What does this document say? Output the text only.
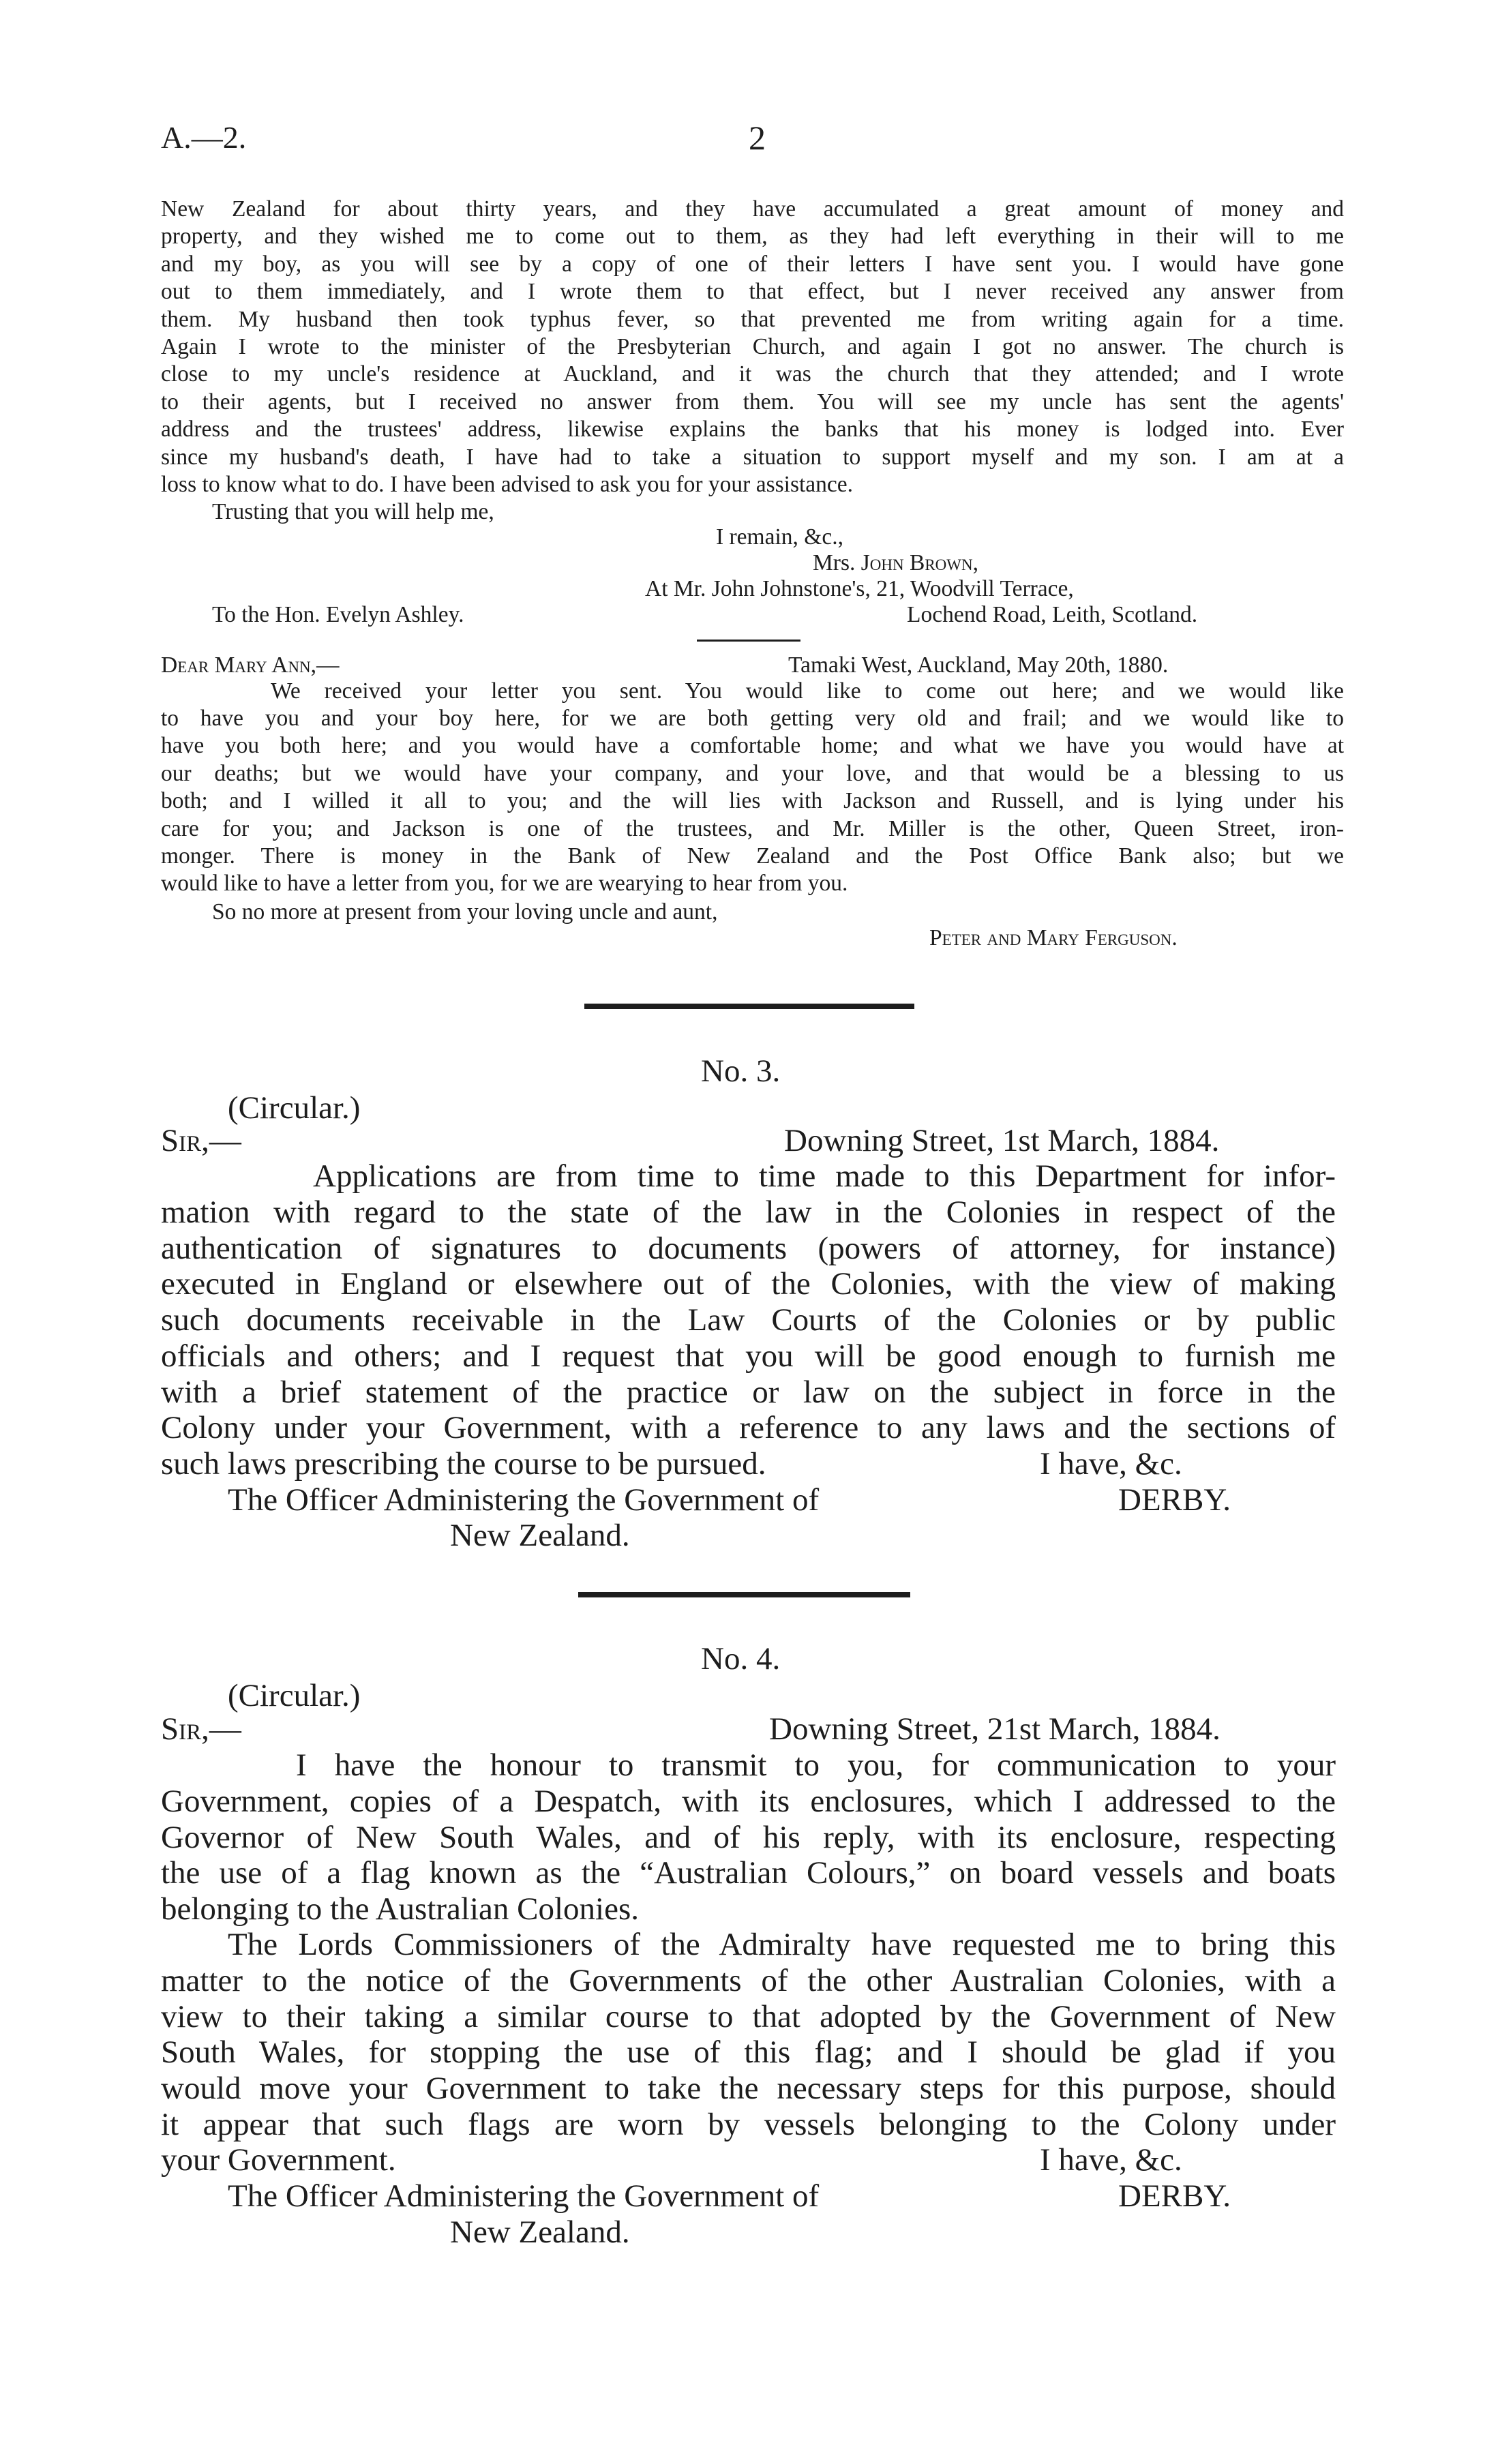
A.—2.	2
New Zealand for about thirty years, and they have accumulated a great amount of money and
property, and they wished me to come out to them, as they had left everything in their will to me
and my boy, as you will see by a copy of one of their letters I have sent you. I would have gone
out to them immediately, and I wrote them to that effect, but I never received any answer from
them. My husband then took typhus fever, so that prevented me from writing again for a time.
Again I wrote to the minister of the Presbyterian Church, and again I got no answer. The church is
close to my uncle's residence at Auckland, and it was the church that they attended; and I wrote
to their agents, but I received no answer from them. You will see my uncle has sent the agents'
address and the trustees' address, likewise explains the banks that his money is lodged into. Ever
since my husband's death, I have had to take a situation to support myself and my son. I am at a
loss to know what to do. I have been advised to ask you for your assistance.
Trusting that you will help me,
I remain, &c.,
Mrs. John Brown,
At Mr. John Johnstone's, 21, Woodvill Terrace,
To the Hon. Evelyn Ashley.	Lochend Road, Leith, Scotland.
Dear Mary Ann,—	Tamaki West, Auckland, May 20th, 1880.
We received your letter you sent. You would like to come out here; and we would like
to have you and your boy here, for we are both getting very old and frail; and we would like to
have you both here; and you would have a comfortable home; and what we have you would have at
our deaths; but we would have your company, and your love, and that would be a blessing to us
both; and I willed it all to you; and the will lies with Jackson and Russell, and is lying under his
care for you; and Jackson is one of the trustees, and Mr. Miller is the other, Queen Street, iron-
monger. There is money in the Bank of New Zealand and the Post Office Bank also; but we
would like to have a letter from you, for we are wearying to hear from you.
So no more at present from your loving uncle and aunt,
Peter and Mary Ferguson.
No. 3.
(Circular.)
Sir,—	Downing Street, 1st March, 1884.
Applications are from time to time made to this Department for infor-
mation with regard to the state of the law in the Colonies in respect of the
authentication of signatures to documents (powers of attorney, for instance)
executed in England or elsewhere out of the Colonies, with the view of making
such documents receivable in the Law Courts of the Colonies or by public
officials and others; and I request that you will be good enough to furnish me
with a brief statement of the practice or law on the subject in force in the
Colony under your Government, with a reference to any laws and the sections of
such laws prescribing the course to be pursued.	I have, &c.
The Officer Administering the Government of	DERBY.
New Zealand.
No. 4.
(Circular.)
Sir,—	Downing Street, 21st March, 1884.
I have the honour to transmit to you, for communication to your
Government, copies of a Despatch, with its enclosures, which I addressed to the
Governor of New South Wales, and of his reply, with its enclosure, respecting
the use of a flag known as the “Australian Colours,” on board vessels and boats
belonging to the Australian Colonies.
The Lords Commissioners of the Admiralty have requested me to bring this
matter to the notice of the Governments of the other Australian Colonies, with a
view to their taking a similar course to that adopted by the Government of New
South Wales, for stopping the use of this flag; and I should be glad if you
would move your Government to take the necessary steps for this purpose, should
it appear that such flags are worn by vessels belonging to the Colony under
your Government.	I have, &c.
The Officer Administering the Government of	DERBY.
New Zealand.
